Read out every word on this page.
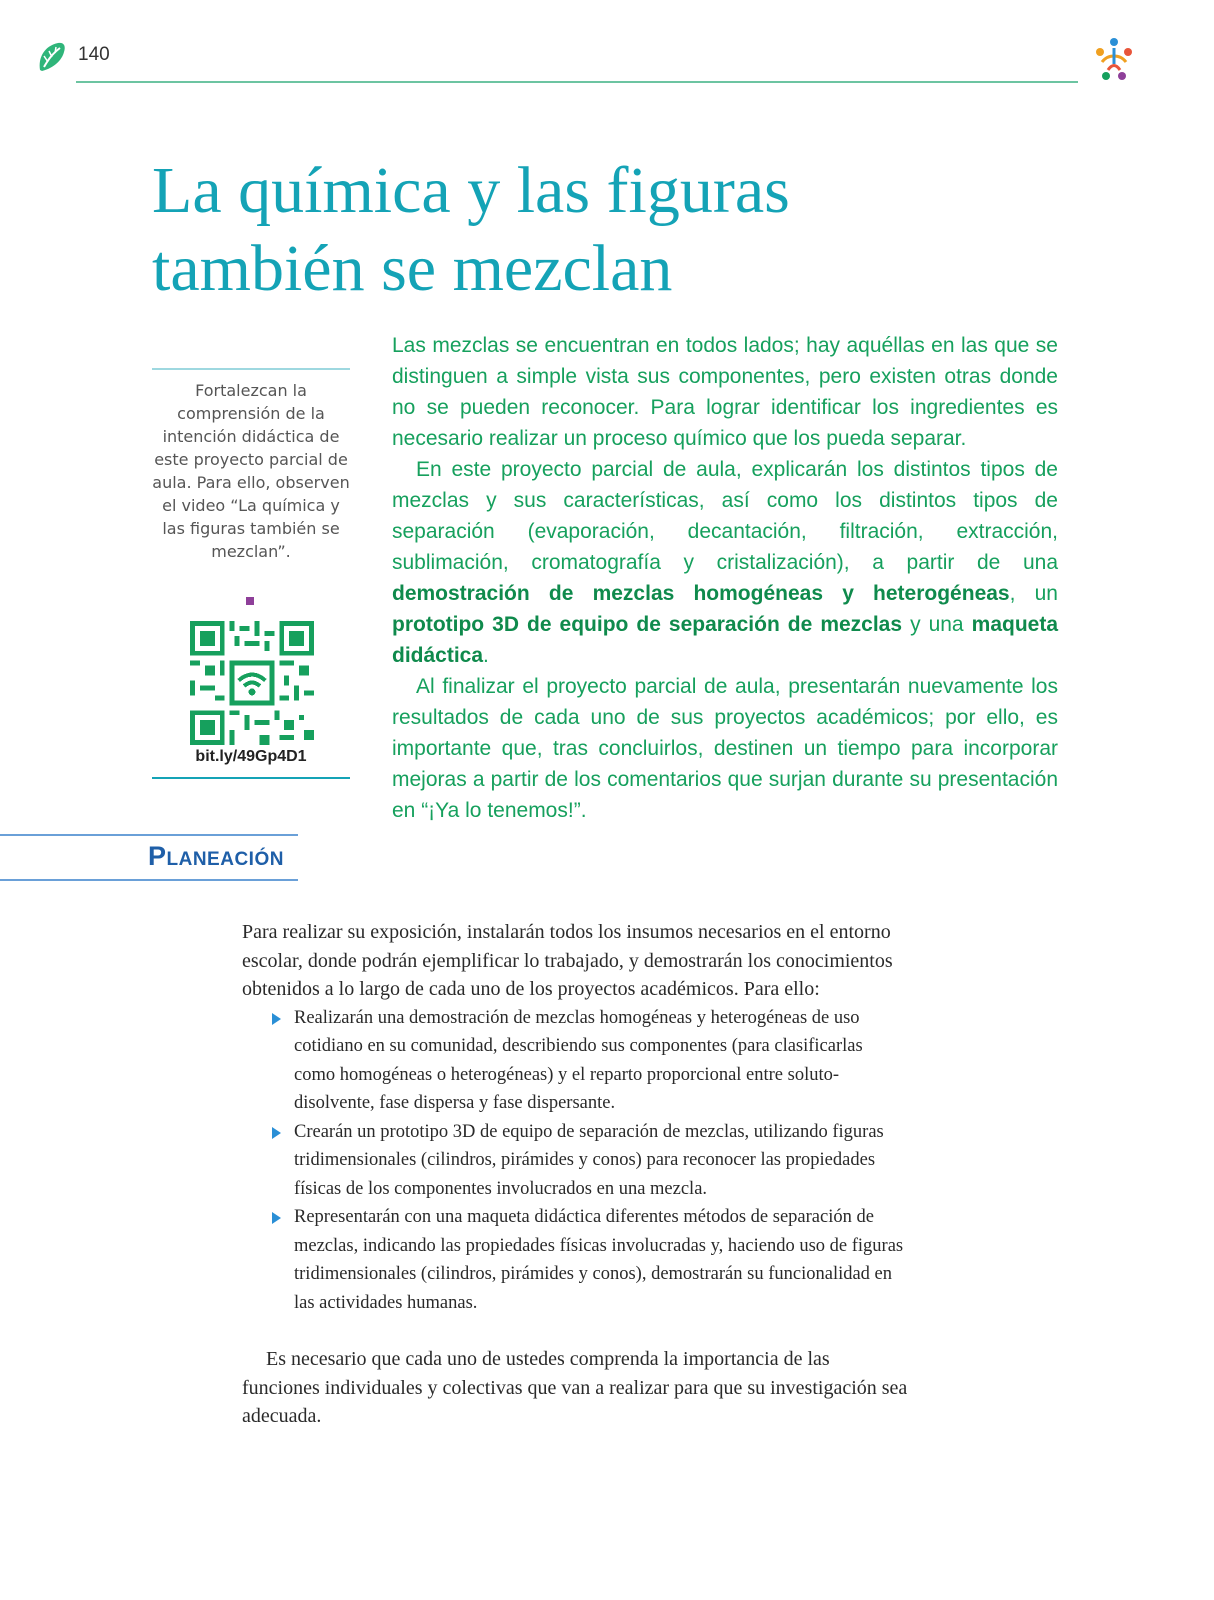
140
La química y las figuras
también se mezclan

Fortalezcan la comprensión de la intención didáctica de este proyecto parcial de aula. Para ello, observen el video “La química y las figuras también se mezclan”.

bit.ly/49Gp4D1

Las mezclas se encuentran en todos lados; hay aquéllas en las que se distinguen a simple vista sus componentes, pero existen otras donde no se pueden reconocer. Para lograr identificar los ingredientes es necesario realizar un proceso químico que los pueda separar.

En este proyecto parcial de aula, explicarán los distintos tipos de mezclas y sus características, así como los distintos tipos de separación (evaporación, decantación, filtración, extracción, sublimación, cromatografía y cristalización), a partir de una demostración de mezclas homogéneas y heterogéneas, un prototipo 3D de equipo de separación de mezclas y una maqueta didáctica.

Al finalizar el proyecto parcial de aula, presentarán nuevamente los resultados de cada uno de sus proyectos académicos; por ello, es importante que, tras concluirlos, destinen un tiempo para incorporar mejoras a partir de los comentarios que surjan durante su presentación en “¡Ya lo tenemos!”.

Planeación

Para realizar su exposición, instalarán todos los insumos necesarios en el entorno escolar, donde podrán ejemplificar lo trabajado, y demostrarán los conocimientos obtenidos a lo largo de cada uno de los proyectos académicos. Para ello:

Realizarán una demostración de mezclas homogéneas y heterogéneas de uso cotidiano en su comunidad, describiendo sus componentes (para clasificarlas como homogéneas o heterogéneas) y el reparto proporcional entre soluto-disolvente, fase dispersa y fase dispersante.
Crearán un prototipo 3D de equipo de separación de mezclas, utilizando figuras tridimensionales (cilindros, pirámides y conos) para reconocer las propiedades físicas de los componentes involucrados en una mezcla.
Representarán con una maqueta didáctica diferentes métodos de separación de mezclas, indicando las propiedades físicas involucradas y, haciendo uso de figuras tridimensionales (cilindros, pirámides y conos), demostrarán su funcionalidad en las actividades humanas.

Es necesario que cada uno de ustedes comprenda la importancia de las funciones individuales y colectivas que van a realizar para que su investigación sea adecuada.
